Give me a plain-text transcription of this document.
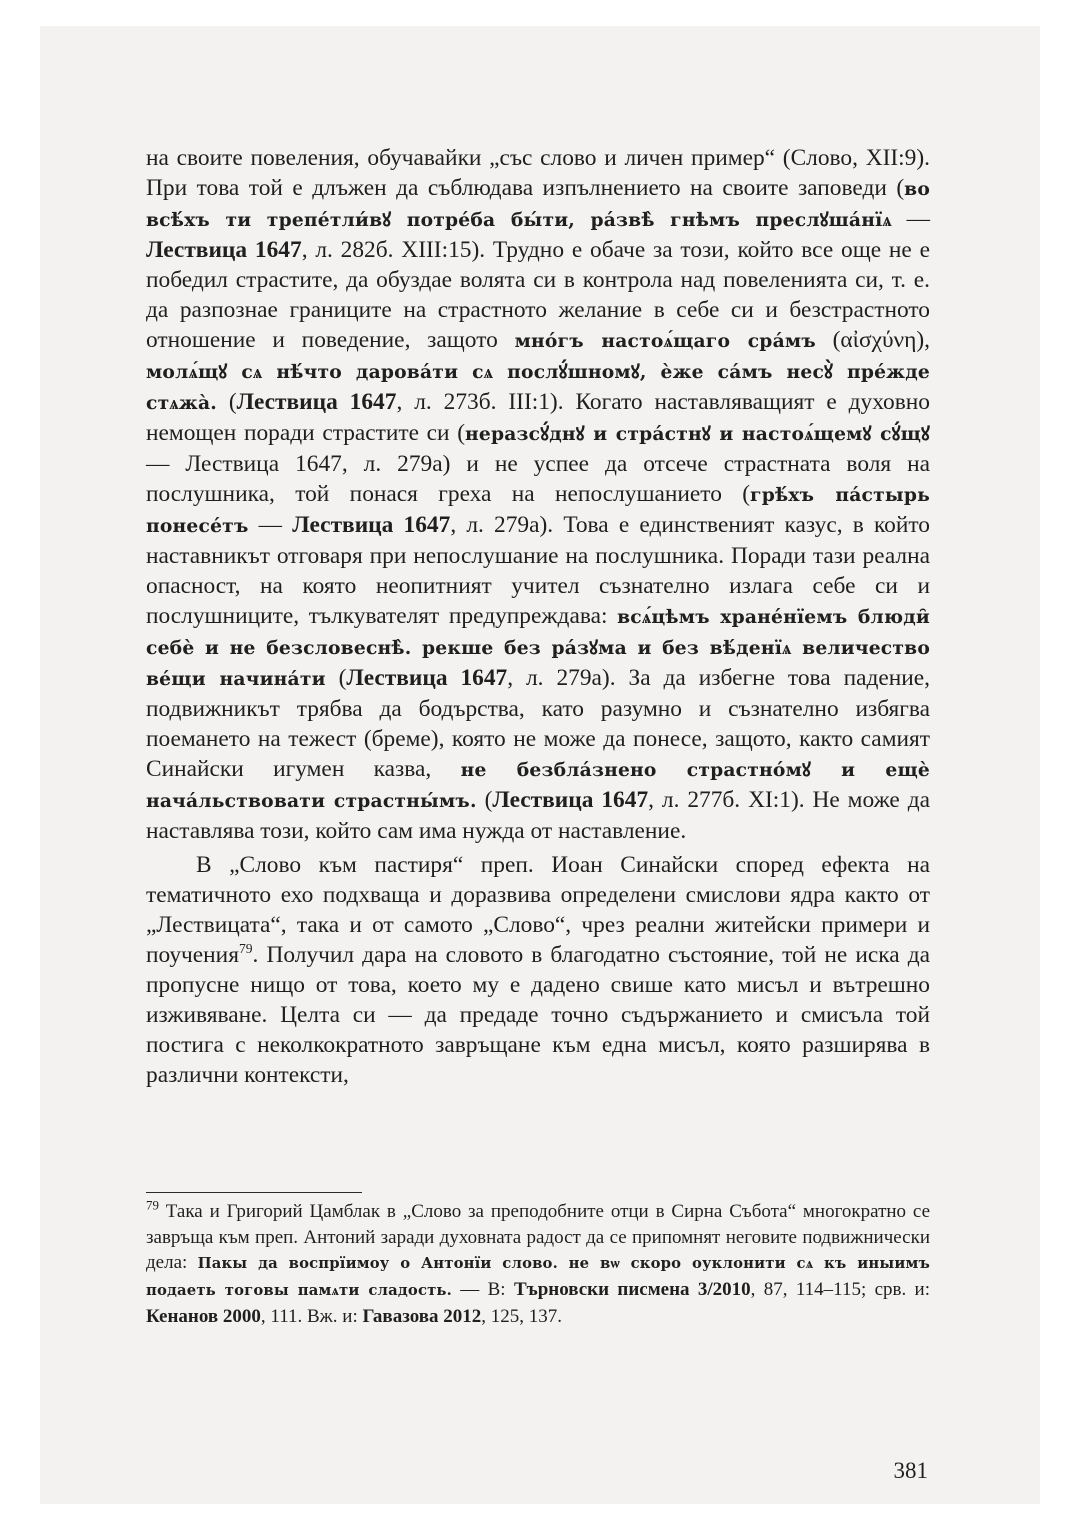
на своите повеления, обучавайки „със слово и личен пример“ (Слово, XII:9). При това той е длъжен да съблюдава изпълнението на своите заповеди (во всѣ́хъ ти трепе́тли́вꙋ потре́ба бы́ти, ра́звѣ̀ гнѣмъ прeслꙋша́нїѧ — Лествица 1647, л. 282б. XIII:15). Трудно е обаче за този, който все още не е победил страстите, да обуздае волята си в контрола над повеленията си, т. е. да разпознае границите на страстното желание в себе си и безстрастното отношение и поведение, защото мно́гъ настоѧ́щаго сра́мъ (αἰσχύνη), молѧ́щꙋ сѧ нѣ́что дарова́ти сѧ послꙋ́шномꙋ, ѐже са́мъ несꙋ̀ пре́жде стѧжа̀. (Лествица 1647, л. 273б. III:1). Когато наставляващият е духовно немощен поради страстите си (неразсꙋ́днꙋ и стра́стнꙋ и настоѧ́щемꙋ сꙋ́щꙋ — Лествица 1647, л. 279а) и не успее да отсече страстната воля на послушника, той понася греха на непослушанието (грѣ́хъ па́стырь понесе́тъ — Лествица 1647, л. 279а). Това е единственият казус, в който наставникът отговаря при непослушание на послушника. Поради тази реална опасност, на която неопитният учител съзнателно излага себе си и послушниците, тълкувателят предупреждава: всѧ́цѣмъ хране́нїемъ блюди̑ себѐ и не безсловеснѣ̀. рекше без ра́зꙋма и без вѣ́денїѧ величество ве́щи начина́ти (Лествица 1647, л. 279а). За да избегне това падение, подвижникът трябва да бодърства, като разумно и съзнателно избягва поемането на тежест (бреме), която не може да понесе, защото, както самият Синайски игумен казва, не безбла́знено страстно́мꙋ и ещѐ нача́льствовати страстны́мъ. (Лествица 1647, л. 277б. XI:1). Не може да наставлява този, който сам има нужда от наставление.

В „Слово към пастиря“ преп. Иоан Синайски според ефекта на тематичното ехо подхваща и доразвива определени смислови ядра както от „Лествицата“, така и от самото „Слово“, чрез реални житейски примери и поучения$^{79}$. Получил дара на словото в благодатно състояние, той не иска да пропусне нищо от това, което му е дадено свише като мисъл и вътрешно изживяване. Целта си — да предаде точно съдържанието и смисъла той постига с неколкократното завръщане към една мисъл, която разширява в различни контексти,

$^{79}$ Така и Григорий Цамблак в „Слово за преподобните отци в Сирна Събота“ многократно се завръща към преп. Антоний заради духовната радост да се припомнят неговите подвижнически дела: Пакы да воспрїимоу о Антонїи слово. не вѡ скоро оуклонити сѧ къ иныимъ подаеть тоговы памѧти сладость. — В: Търновски писмена 3/2010, 87, 114–115; срв. и: Кенанов 2000, 111. Вж. и: Гавазова 2012, 125, 137.

381
